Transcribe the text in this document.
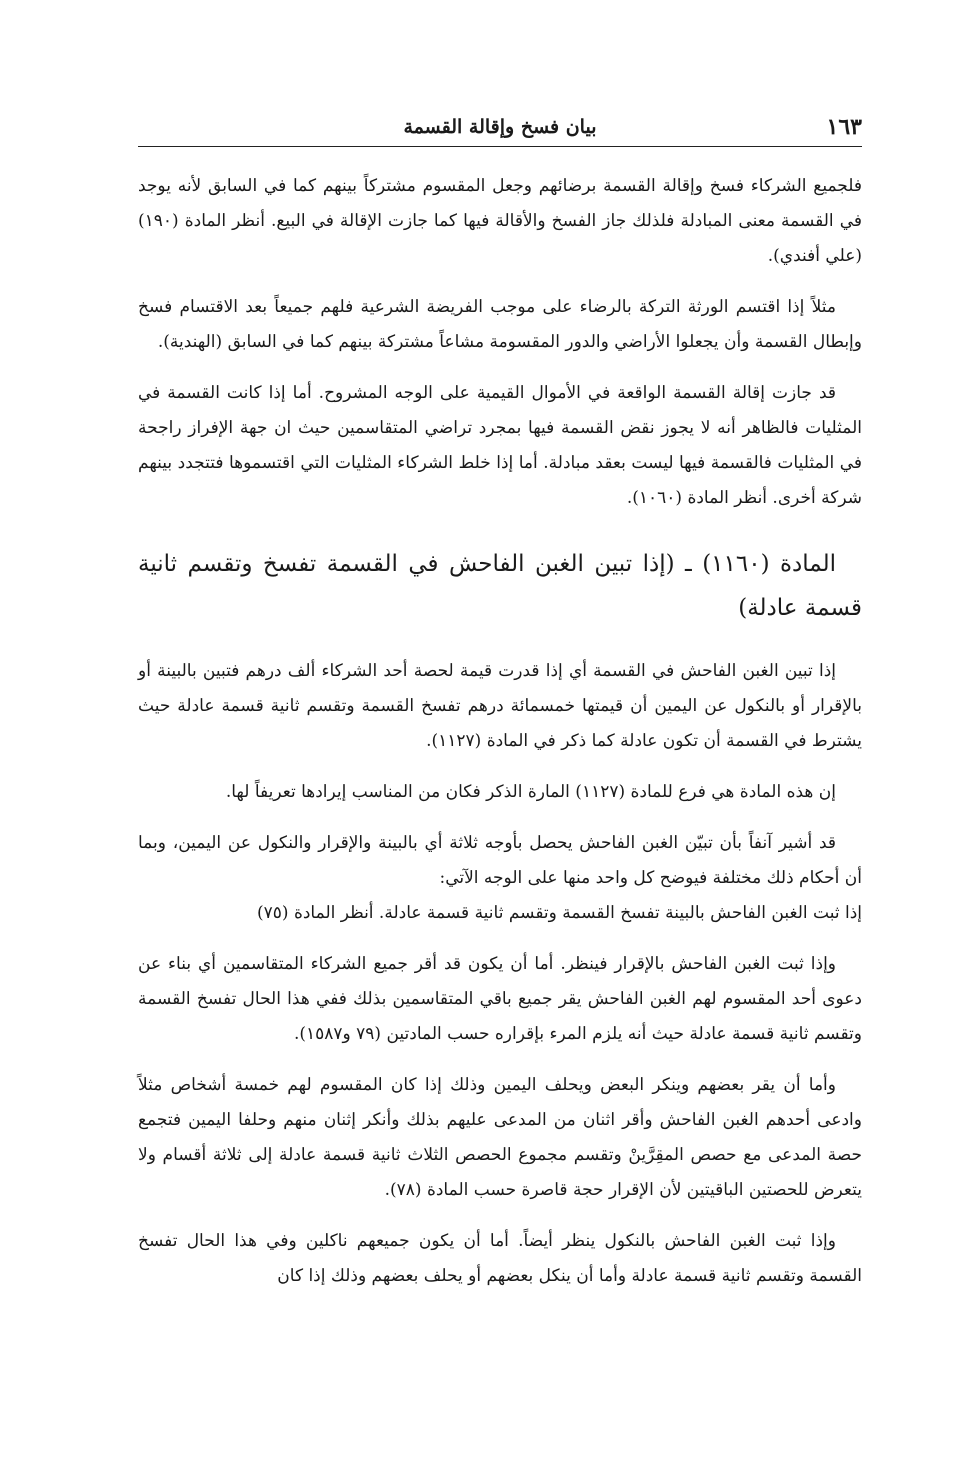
١٦٣
بيان فسخ وإقالة القسمة

فلجميع الشركاء فسخ وإقالة القسمة برضائهم وجعل المقسوم مشتركاً بينهم كما في السابق لأنه يوجد في القسمة معنى المبادلة فلذلك جاز الفسخ والأقالة فيها كما جازت الإقالة في البيع. أنظر المادة (١٩٠) (علي أفندي).

مثلاً إذا اقتسم الورثة التركة بالرضاء على موجب الفريضة الشرعية فلهم جميعاً بعد الاقتسام فسخ وإبطال القسمة وأن يجعلوا الأراضي والدور المقسومة مشاعاً مشتركة بينهم كما في السابق (الهندية).

قد جازت إقالة القسمة الواقعة في الأموال القيمية على الوجه المشروح. أما إذا كانت القسمة في المثليات فالظاهر أنه لا يجوز نقض القسمة فيها بمجرد تراضي المتقاسمين حيث ان جهة الإفراز راجحة في المثليات فالقسمة فيها ليست بعقد مبادلة. أما إذا خلط الشركاء المثليات التي اقتسموها فتتجدد بينهم شركة أخرى. أنظر المادة (١٠٦٠).

المادة (١١٦٠) ـ (إذا تبين الغبن الفاحش في القسمة تفسخ وتقسم ثانية قسمة عادلة)

إذا تبين الغبن الفاحش في القسمة أي إذا قدرت قيمة لحصة أحد الشركاء ألف درهم فتبين بالبينة أو بالإقرار أو بالنكول عن اليمين أن قيمتها خمسمائة درهم تفسخ القسمة وتقسم ثانية قسمة عادلة حيث يشترط في القسمة أن تكون عادلة كما ذكر في المادة (١١٢٧).

إن هذه المادة هي فرع للمادة (١١٢٧) المارة الذكر فكان من المناسب إيرادها تعريفاً لها.

قد أشير آنفاً بأن تبيّن الغبن الفاحش يحصل بأوجه ثلاثة أي بالبينة والإقرار والنكول عن اليمين، وبما أن أحكام ذلك مختلفة فيوضح كل واحد منها على الوجه الآتي:

إذا ثبت الغبن الفاحش بالبينة تفسخ القسمة وتقسم ثانية قسمة عادلة. أنظر المادة (٧٥)

وإذا ثبت الغبن الفاحش بالإقرار فينظر. أما أن يكون قد أقر جميع الشركاء المتقاسمين أي بناء عن دعوى أحد المقسوم لهم الغبن الفاحش يقر جميع باقي المتقاسمين بذلك ففي هذا الحال تفسخ القسمة وتقسم ثانية قسمة عادلة حيث أنه يلزم المرء بإقراره حسب المادتين (٧٩ و١٥٨٧).

وأما أن يقر بعضهم وينكر البعض ويحلف اليمين وذلك إذا كان المقسوم لهم خمسة أشخاص مثلاً وادعى أحدهم الغبن الفاحش وأقر اثنان من المدعى عليهم بذلك وأنكر إثنان منهم وحلفا اليمين فتجمع حصة المدعى مع حصص المقِرَّينْ وتقسم مجموع الحصص الثلاث ثانية قسمة عادلة إلى ثلاثة أقسام ولا يتعرض للحصتين الباقيتين لأن الإقرار حجة قاصرة حسب المادة (٧٨).

وإذا ثبت الغبن الفاحش بالنكول ينظر أيضاً. أما أن يكون جميعهم ناكلين وفي هذا الحال تفسخ القسمة وتقسم ثانية قسمة عادلة وأما أن ينكل بعضهم أو يحلف بعضهم وذلك إذا كان
